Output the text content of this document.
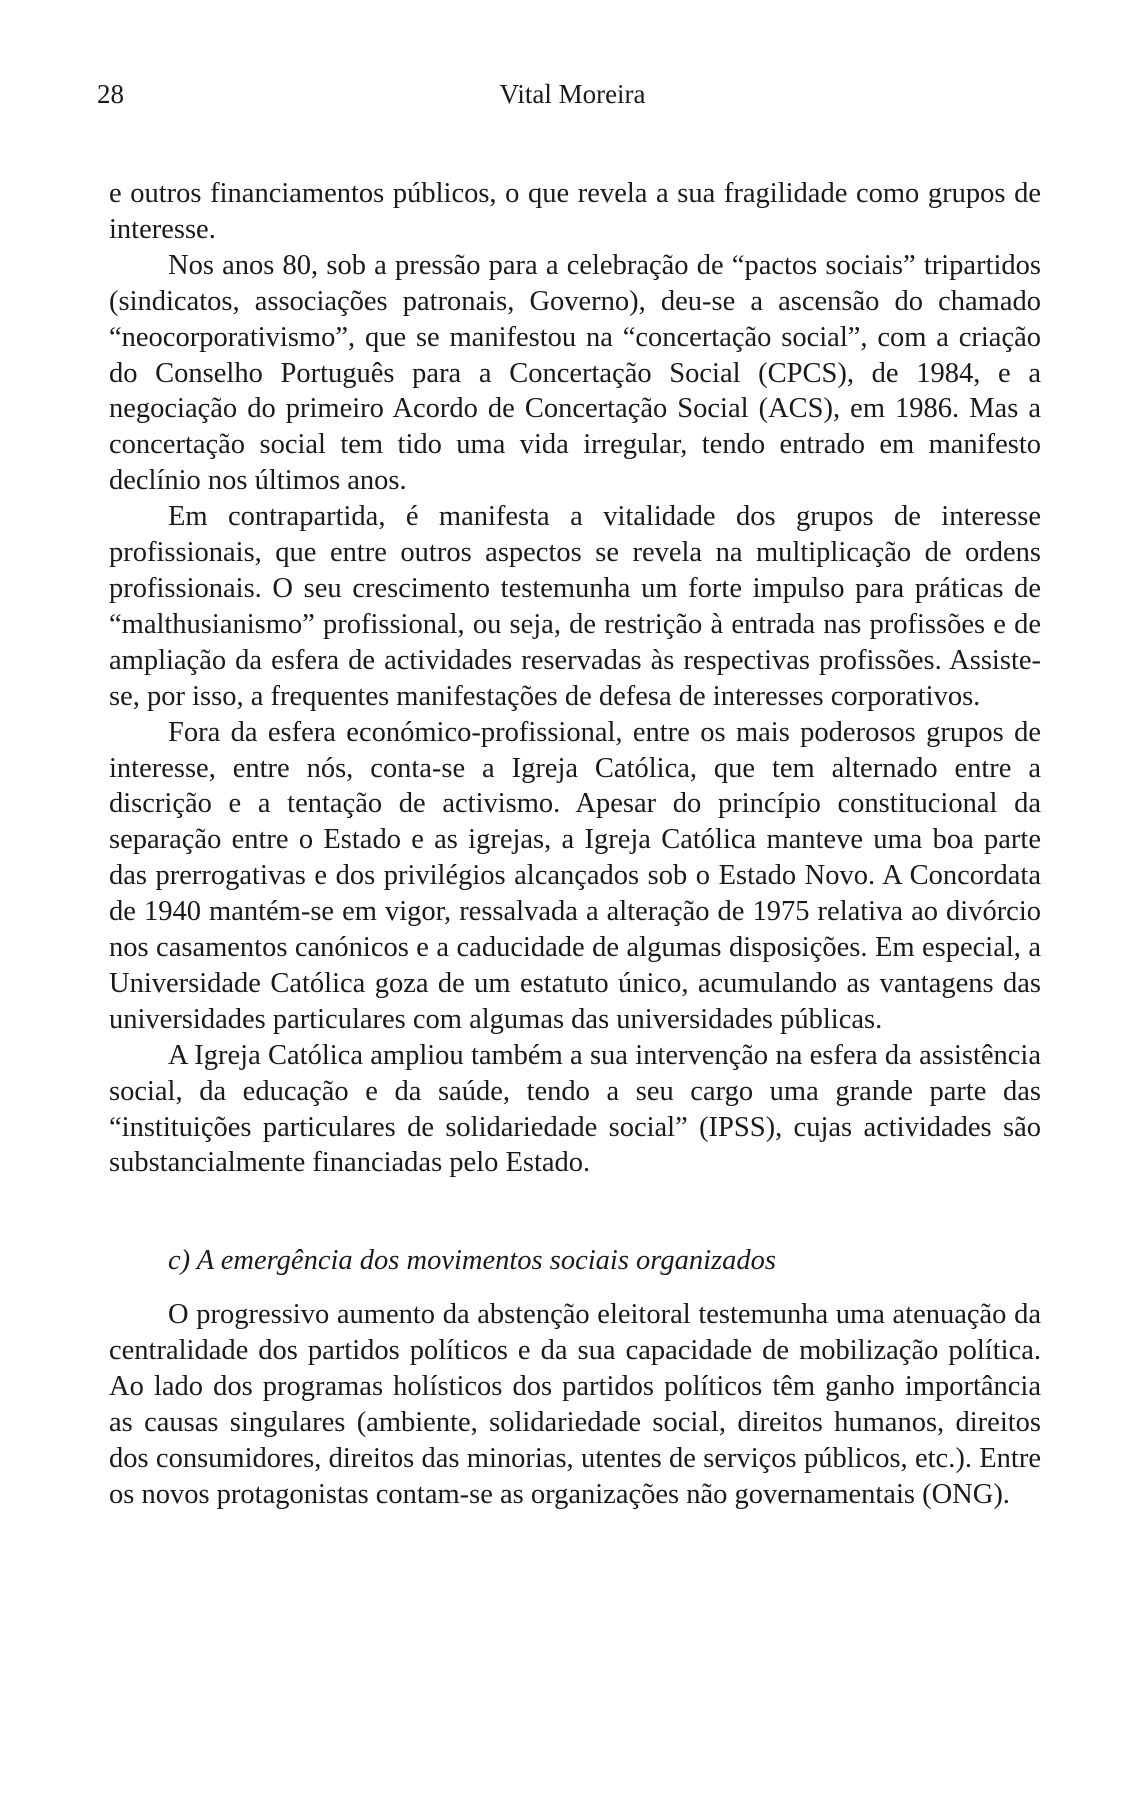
28	Vital Moreira

e outros financiamentos públicos, o que revela a sua fragilidade como grupos de interesse.

Nos anos 80, sob a pressão para a celebração de “pactos sociais” tripartidos (sindicatos, associações patronais, Governo), deu-se a ascensão do chamado “neocorporativismo”, que se manifestou na “concertação social”, com a criação do Conselho Português para a Concertação Social (CPCS), de 1984, e a negociação do primeiro Acordo de Concertação Social (ACS), em 1986. Mas a concertação social tem tido uma vida irregular, tendo entrado em manifesto declínio nos últimos anos.

Em contrapartida, é manifesta a vitalidade dos grupos de interesse profissionais, que entre outros aspectos se revela na multiplicação de ordens profissionais. O seu crescimento testemunha um forte impulso para práticas de “malthusianismo” profissional, ou seja, de restrição à entrada nas profissões e de ampliação da esfera de actividades reservadas às respectivas profissões. Assiste-se, por isso, a frequentes manifestações de defesa de interesses corporativos.

Fora da esfera económico-profissional, entre os mais poderosos grupos de interesse, entre nós, conta-se a Igreja Católica, que tem alternado entre a discrição e a tentação de activismo. Apesar do princípio constitucional da separação entre o Estado e as igrejas, a Igreja Católica manteve uma boa parte das prerrogativas e dos privilégios alcançados sob o Estado Novo. A Concordata de 1940 mantém-se em vigor, ressalvada a alteração de 1975 relativa ao divórcio nos casamentos canónicos e a caducidade de algumas disposições. Em especial, a Universidade Católica goza de um estatuto único, acumulando as vantagens das universidades particulares com algumas das universidades públicas.

A Igreja Católica ampliou também a sua intervenção na esfera da assistência social, da educação e da saúde, tendo a seu cargo uma grande parte das “instituições particulares de solidariedade social” (IPSS), cujas actividades são substancialmente financiadas pelo Estado.

c) A emergência dos movimentos sociais organizados

O progressivo aumento da abstenção eleitoral testemunha uma atenuação da centralidade dos partidos políticos e da sua capacidade de mobilização política. Ao lado dos programas holísticos dos partidos políticos têm ganho importância as causas singulares (ambiente, solidariedade social, direitos humanos, direitos dos consumidores, direitos das minorias, utentes de serviços públicos, etc.). Entre os novos protagonistas contam-se as organizações não governamentais (ONG).
